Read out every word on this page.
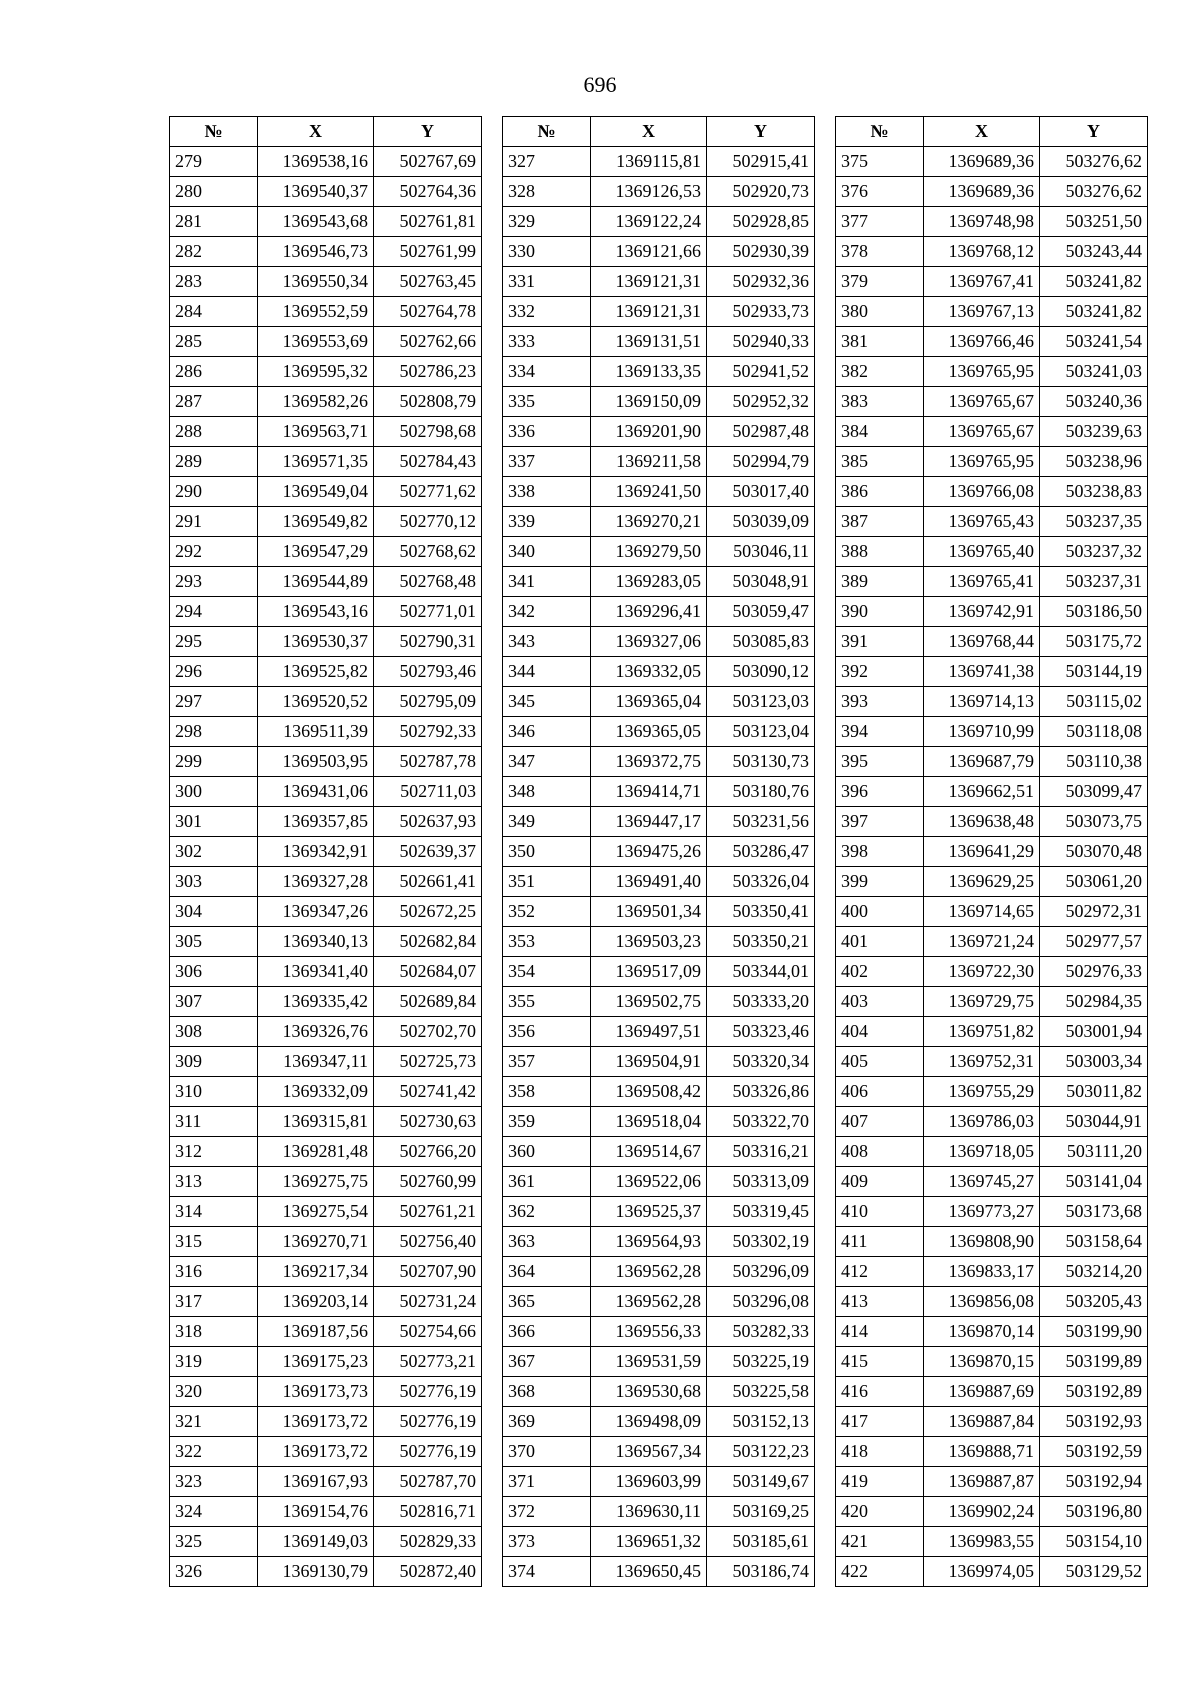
696
№	X	Y
279	1369538,16	502767,69
280	1369540,37	502764,36
281	1369543,68	502761,81
282	1369546,73	502761,99
283	1369550,34	502763,45
284	1369552,59	502764,78
285	1369553,69	502762,66
286	1369595,32	502786,23
287	1369582,26	502808,79
288	1369563,71	502798,68
289	1369571,35	502784,43
290	1369549,04	502771,62
291	1369549,82	502770,12
292	1369547,29	502768,62
293	1369544,89	502768,48
294	1369543,16	502771,01
295	1369530,37	502790,31
296	1369525,82	502793,46
297	1369520,52	502795,09
298	1369511,39	502792,33
299	1369503,95	502787,78
300	1369431,06	502711,03
301	1369357,85	502637,93
302	1369342,91	502639,37
303	1369327,28	502661,41
304	1369347,26	502672,25
305	1369340,13	502682,84
306	1369341,40	502684,07
307	1369335,42	502689,84
308	1369326,76	502702,70
309	1369347,11	502725,73
310	1369332,09	502741,42
311	1369315,81	502730,63
312	1369281,48	502766,20
313	1369275,75	502760,99
314	1369275,54	502761,21
315	1369270,71	502756,40
316	1369217,34	502707,90
317	1369203,14	502731,24
318	1369187,56	502754,66
319	1369175,23	502773,21
320	1369173,73	502776,19
321	1369173,72	502776,19
322	1369173,72	502776,19
323	1369167,93	502787,70
324	1369154,76	502816,71
325	1369149,03	502829,33
326	1369130,79	502872,40
№	X	Y
327	1369115,81	502915,41
328	1369126,53	502920,73
329	1369122,24	502928,85
330	1369121,66	502930,39
331	1369121,31	502932,36
332	1369121,31	502933,73
333	1369131,51	502940,33
334	1369133,35	502941,52
335	1369150,09	502952,32
336	1369201,90	502987,48
337	1369211,58	502994,79
338	1369241,50	503017,40
339	1369270,21	503039,09
340	1369279,50	503046,11
341	1369283,05	503048,91
342	1369296,41	503059,47
343	1369327,06	503085,83
344	1369332,05	503090,12
345	1369365,04	503123,03
346	1369365,05	503123,04
347	1369372,75	503130,73
348	1369414,71	503180,76
349	1369447,17	503231,56
350	1369475,26	503286,47
351	1369491,40	503326,04
352	1369501,34	503350,41
353	1369503,23	503350,21
354	1369517,09	503344,01
355	1369502,75	503333,20
356	1369497,51	503323,46
357	1369504,91	503320,34
358	1369508,42	503326,86
359	1369518,04	503322,70
360	1369514,67	503316,21
361	1369522,06	503313,09
362	1369525,37	503319,45
363	1369564,93	503302,19
364	1369562,28	503296,09
365	1369562,28	503296,08
366	1369556,33	503282,33
367	1369531,59	503225,19
368	1369530,68	503225,58
369	1369498,09	503152,13
370	1369567,34	503122,23
371	1369603,99	503149,67
372	1369630,11	503169,25
373	1369651,32	503185,61
374	1369650,45	503186,74
№	X	Y
375	1369689,36	503276,62
376	1369689,36	503276,62
377	1369748,98	503251,50
378	1369768,12	503243,44
379	1369767,41	503241,82
380	1369767,13	503241,82
381	1369766,46	503241,54
382	1369765,95	503241,03
383	1369765,67	503240,36
384	1369765,67	503239,63
385	1369765,95	503238,96
386	1369766,08	503238,83
387	1369765,43	503237,35
388	1369765,40	503237,32
389	1369765,41	503237,31
390	1369742,91	503186,50
391	1369768,44	503175,72
392	1369741,38	503144,19
393	1369714,13	503115,02
394	1369710,99	503118,08
395	1369687,79	503110,38
396	1369662,51	503099,47
397	1369638,48	503073,75
398	1369641,29	503070,48
399	1369629,25	503061,20
400	1369714,65	502972,31
401	1369721,24	502977,57
402	1369722,30	502976,33
403	1369729,75	502984,35
404	1369751,82	503001,94
405	1369752,31	503003,34
406	1369755,29	503011,82
407	1369786,03	503044,91
408	1369718,05	503111,20
409	1369745,27	503141,04
410	1369773,27	503173,68
411	1369808,90	503158,64
412	1369833,17	503214,20
413	1369856,08	503205,43
414	1369870,14	503199,90
415	1369870,15	503199,89
416	1369887,69	503192,89
417	1369887,84	503192,93
418	1369888,71	503192,59
419	1369887,87	503192,94
420	1369902,24	503196,80
421	1369983,55	503154,10
422	1369974,05	503129,52
